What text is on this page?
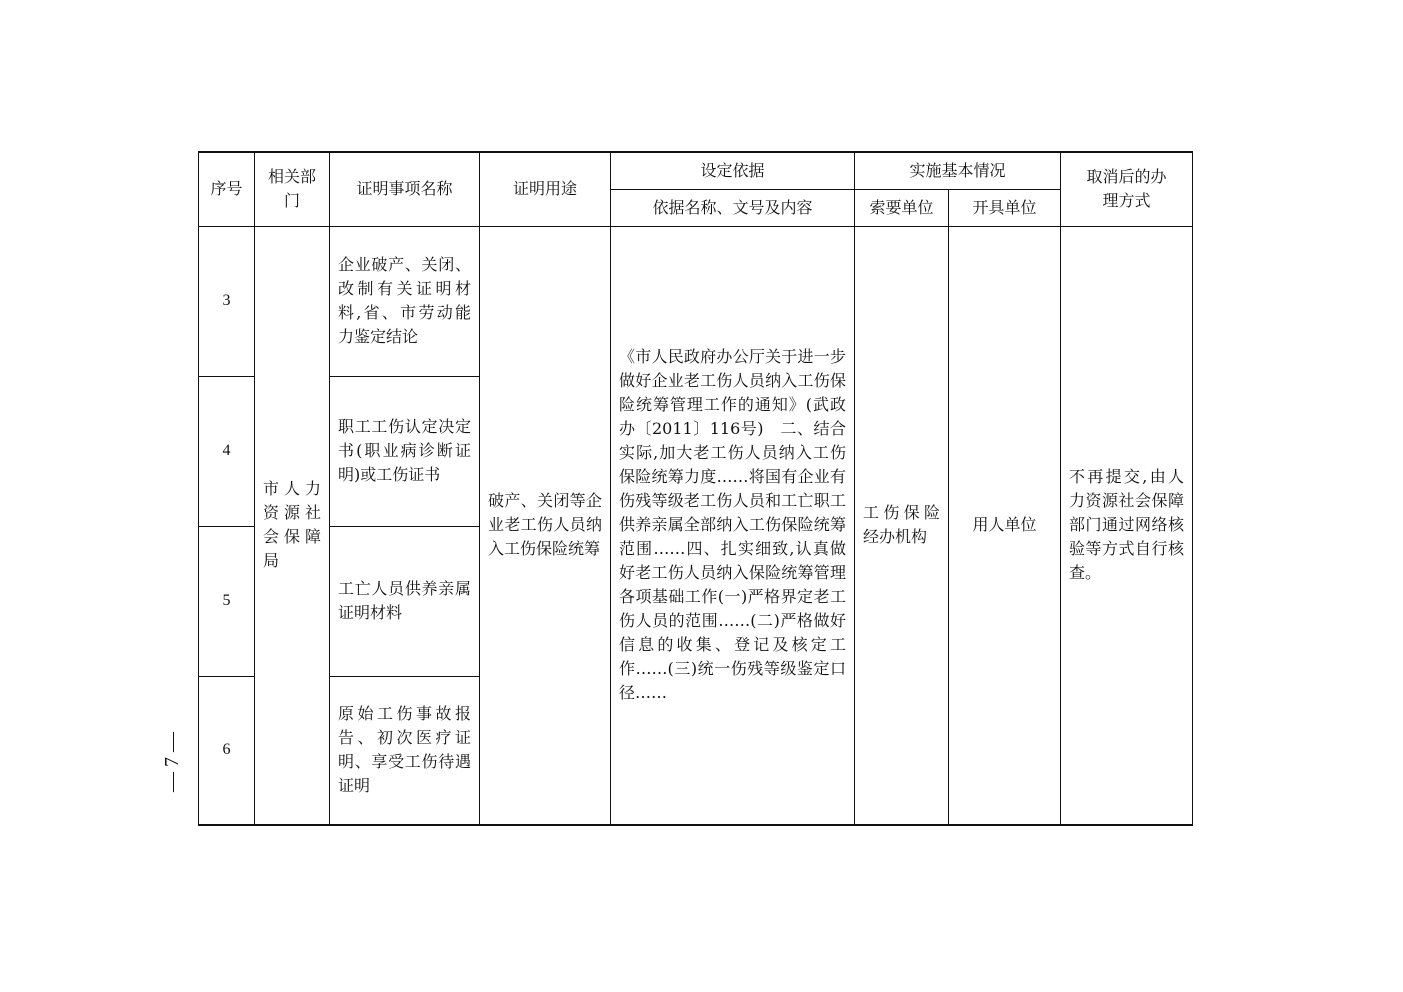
序号	相关部门	证明事项名称	证明用途	设定依据	实施基本情况		取消后的办理方式
				依据名称、文号及内容	索要单位	开具单位	
3	市人力资源社会保障局	企业破产、关闭、改制有关证明材料,省、市劳动能力鉴定结论	破产、关闭等企业老工伤人员纳入工伤保险统筹	《市人民政府办公厅关于进一步做好企业老工伤人员纳入工伤保险统筹管理工作的通知》(武政办〔2011〕116号)　二、结合实际,加大老工伤人员纳入工伤保险统筹力度……将国有企业有伤残等级老工伤人员和工亡职工供养亲属全部纳入工伤保险统筹范围……四、扎实细致,认真做好老工伤人员纳入保险统筹管理各项基础工作(一)严格界定老工伤人员的范围……(二)严格做好信息的收集、登记及核定工作……(三)统一伤残等级鉴定口径……	工伤保险经办机构	用人单位	不再提交,由人力资源社会保障部门通过网络核验等方式自行核查。
4		职工工伤认定决定书(职业病诊断证明)或工伤证书					
5		工亡人员供养亲属证明材料					
6		原始工伤事故报告、初次医疗证明、享受工伤待遇证明					
— 7 —
